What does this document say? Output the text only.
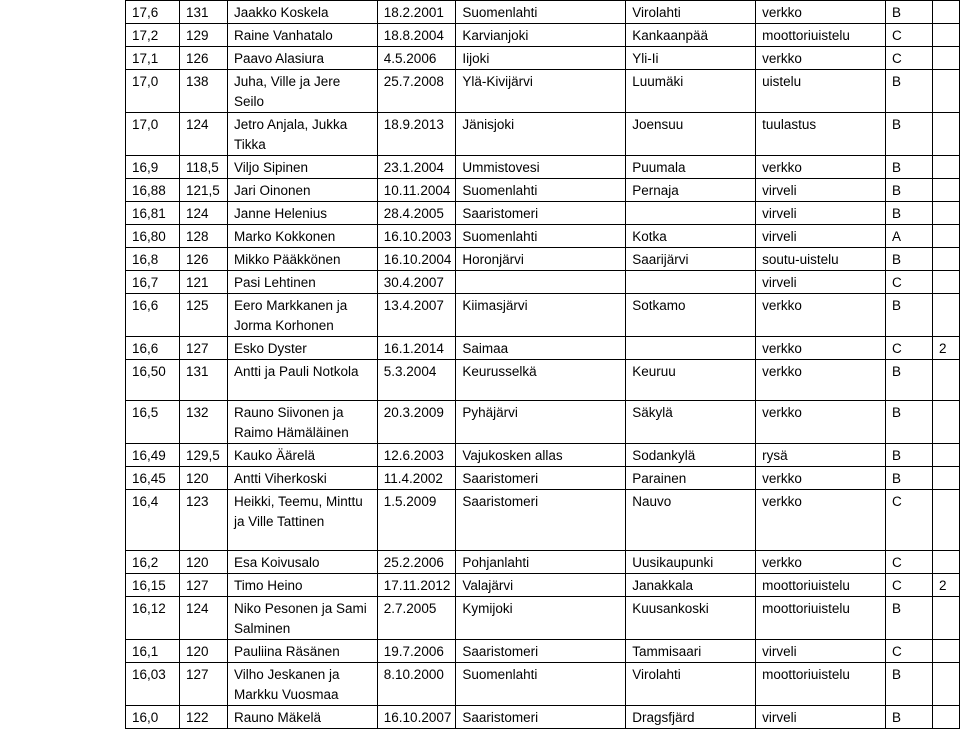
17,6	131	Jaakko Koskela	18.2.2001	Suomenlahti	Virolahti	verkko	B	
17,2	129	Raine Vanhatalo	18.8.2004	Karvianjoki	Kankaanpää	moottoriuistelu	C	
17,1	126	Paavo Alasiura	4.5.2006	Iijoki	Yli-Ii	verkko	C	
17,0	138	Juha, Ville ja Jere Seilo	25.7.2008	Ylä-Kivijärvi	Luumäki	uistelu	B	
17,0	124	Jetro Anjala, Jukka Tikka	18.9.2013	Jänisjoki	Joensuu	tuulastus	B	
16,9	118,5	Viljo Sipinen	23.1.2004	Ummistovesi	Puumala	verkko	B	
16,88	121,5	Jari Oinonen	10.11.2004	Suomenlahti	Pernaja	virveli	B	
16,81	124	Janne Helenius	28.4.2005	Saaristomeri		virveli	B	
16,80	128	Marko Kokkonen	16.10.2003	Suomenlahti	Kotka	virveli	A	
16,8	126	Mikko Pääkkönen	16.10.2004	Horonjärvi	Saarijärvi	soutu-uistelu	B	
16,7	121	Pasi Lehtinen	30.4.2007			virveli	C	
16,6	125	Eero Markkanen ja Jorma Korhonen	13.4.2007	Kiimasjärvi	Sotkamo	verkko	B	
16,6	127	Esko Dyster	16.1.2014	Saimaa		verkko	C	2
16,50	131	Antti ja Pauli Notkola	5.3.2004	Keurusselkä	Keuruu	verkko	B	
16,5	132	Rauno Siivonen ja Raimo Hämäläinen	20.3.2009	Pyhäjärvi	Säkylä	verkko	B	
16,49	129,5	Kauko Äärelä	12.6.2003	Vajukosken allas	Sodankylä	rysä	B	
16,45	120	Antti Viherkoski	11.4.2002	Saaristomeri	Parainen	verkko	B	
16,4	123	Heikki, Teemu, Minttu ja Ville Tattinen	1.5.2009	Saaristomeri	Nauvo	verkko	C	
16,2	120	Esa Koivusalo	25.2.2006	Pohjanlahti	Uusikaupunki	verkko	C	
16,15	127	Timo Heino	17.11.2012	Valajärvi	Janakkala	moottoriuistelu	C	2
16,12	124	Niko Pesonen ja Sami Salminen	2.7.2005	Kymijoki	Kuusankoski	moottoriuistelu	B	
16,1	120	Pauliina Räsänen	19.7.2006	Saaristomeri	Tammisaari	virveli	C	
16,03	127	Vilho Jeskanen ja Markku Vuosmaa	8.10.2000	Suomenlahti	Virolahti	moottoriuistelu	B	
16,0	122	Rauno Mäkelä	16.10.2007	Saaristomeri	Dragsfjärd	virveli	B	
